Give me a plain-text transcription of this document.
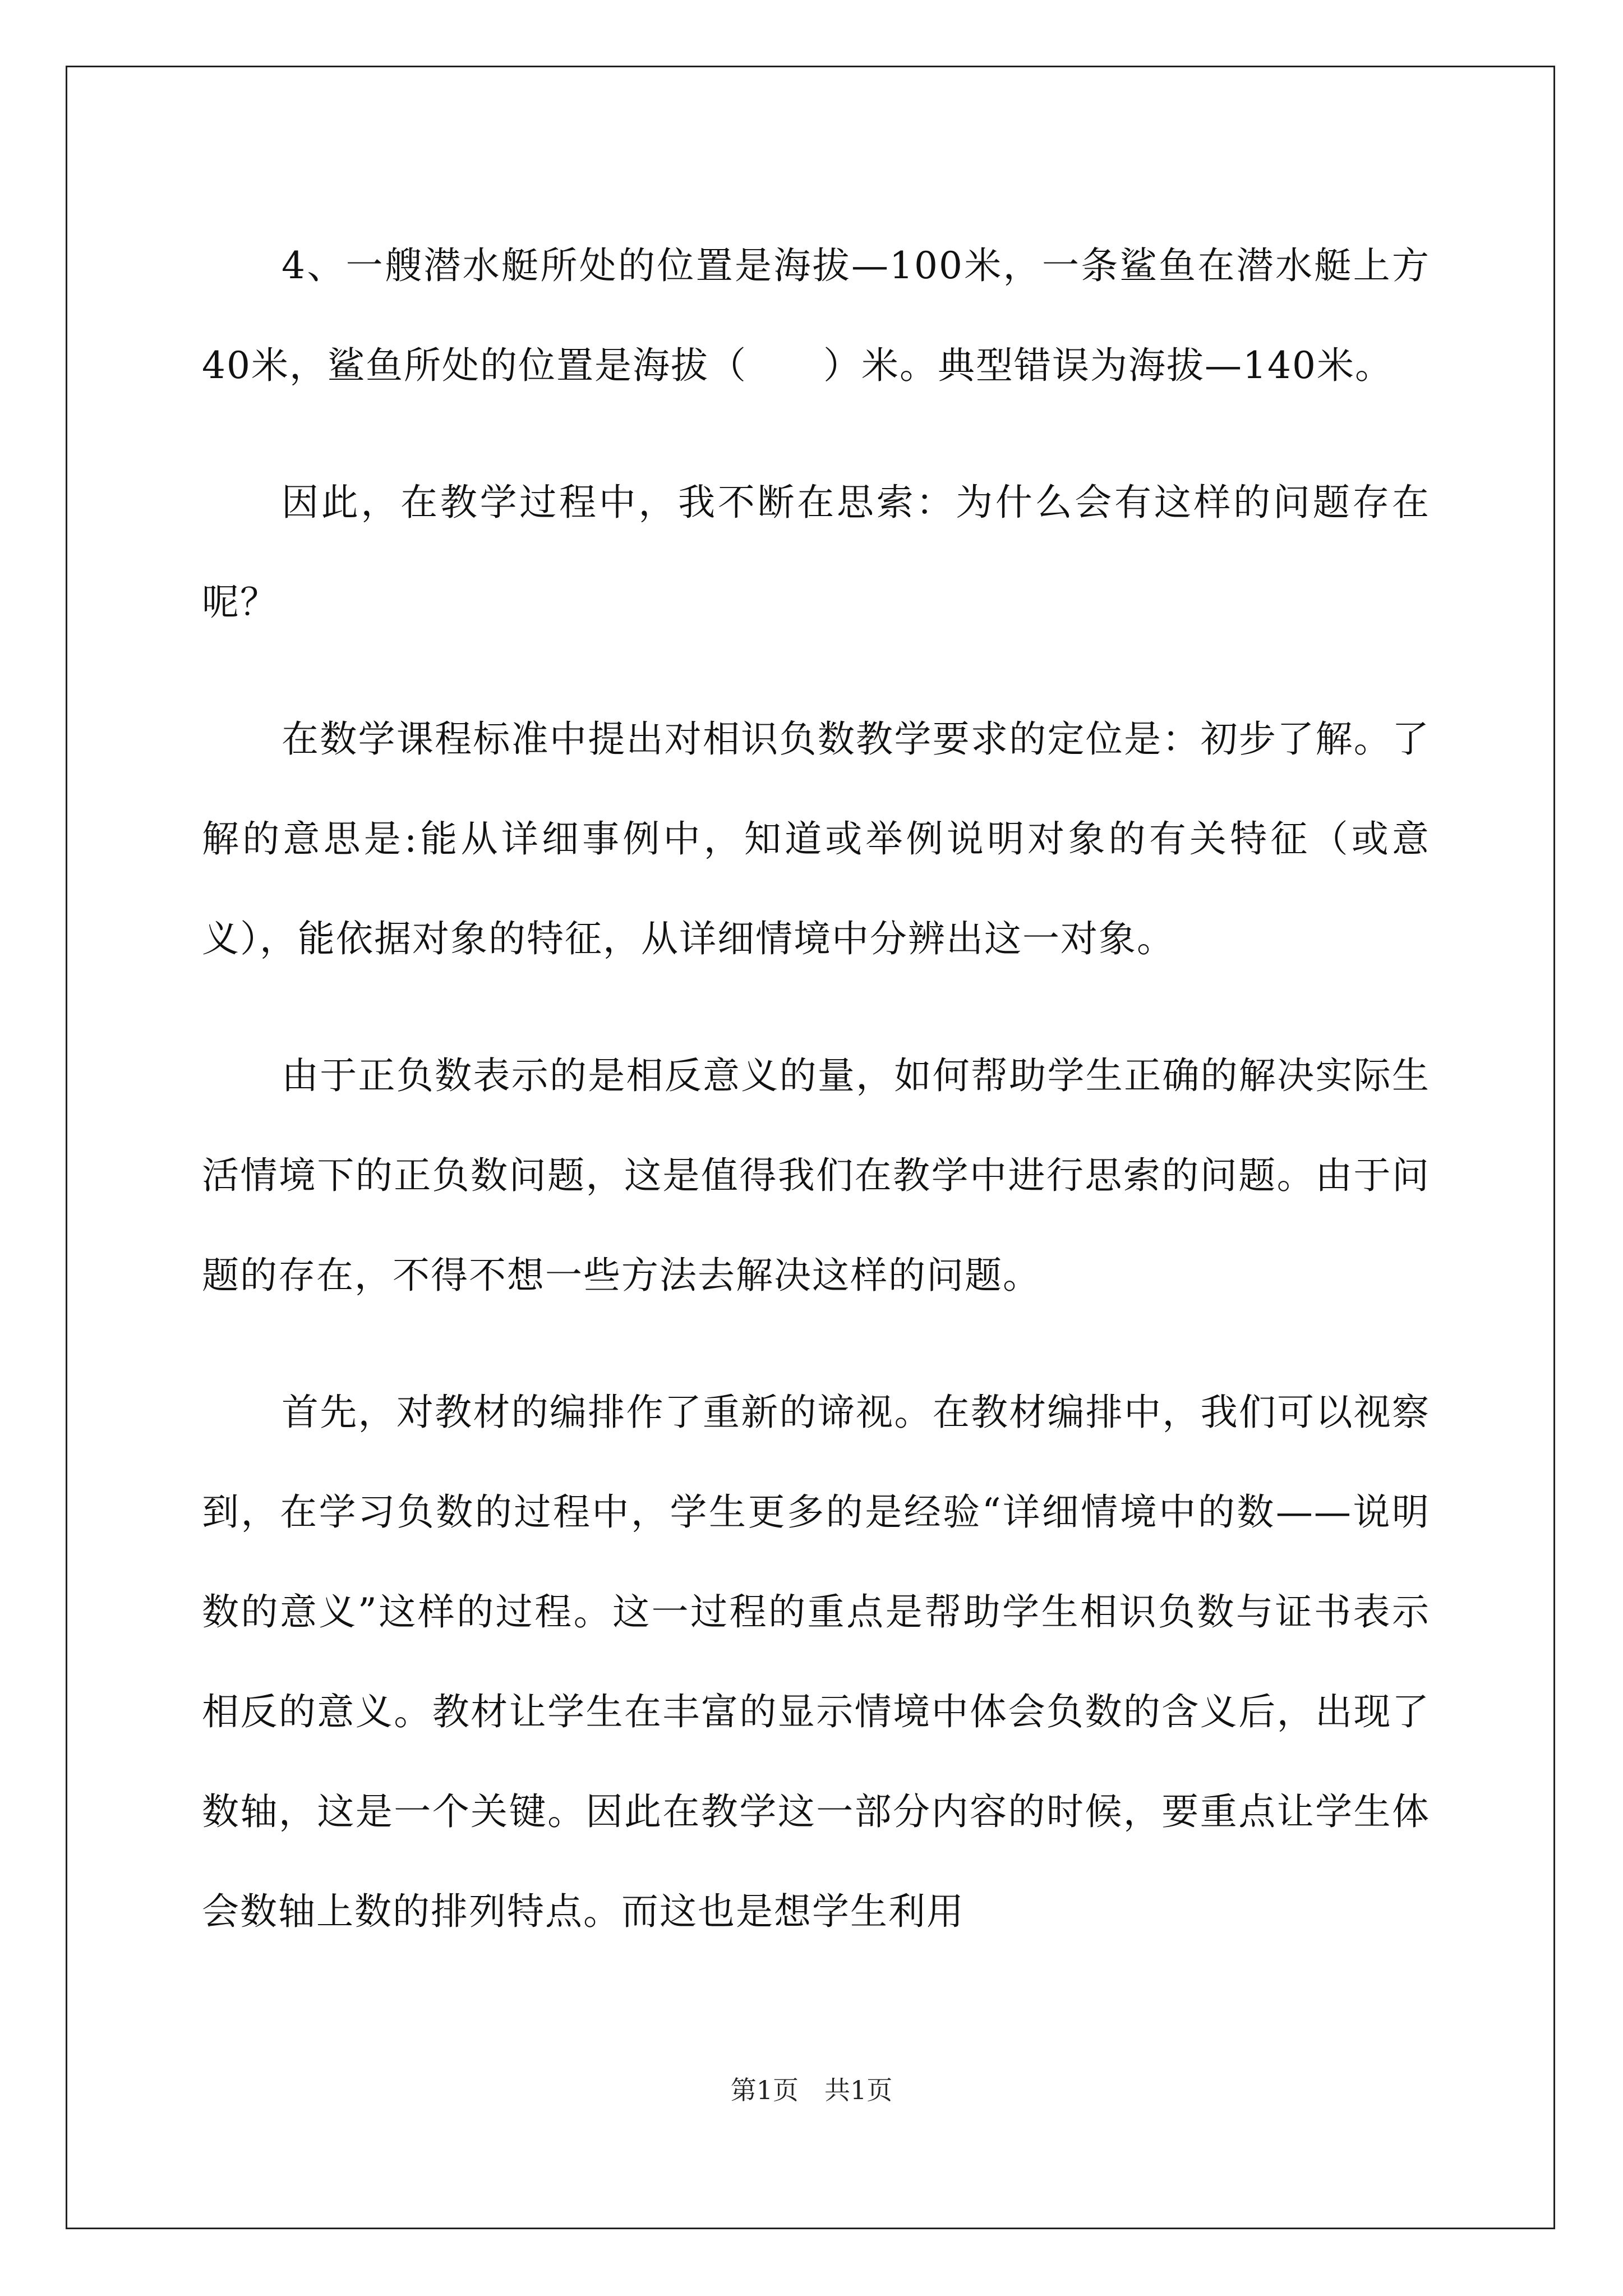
4、一艘潜水艇所处的位置是海拔—100米，一条鲨鱼在潜水艇上方40米，鲨鱼所处的位置是海拔（　　）米。典型错误为海拔—140米。

因此，在教学过程中，我不断在思索：为什么会有这样的问题存在呢？

在数学课程标准中提出对相识负数教学要求的定位是：初步了解。了解的意思是:能从详细事例中，知道或举例说明对象的有关特征（或意义），能依据对象的特征，从详细情境中分辨出这一对象。

由于正负数表示的是相反意义的量，如何帮助学生正确的解决实际生活情境下的正负数问题，这是值得我们在教学中进行思索的问题。由于问题的存在，不得不想一些方法去解决这样的问题。

首先，对教材的编排作了重新的谛视。在教材编排中，我们可以视察到，在学习负数的过程中，学生更多的是经验“详细情境中的数——说明数的意义”这样的过程。这一过程的重点是帮助学生相识负数与证书表示相反的意义。教材让学生在丰富的显示情境中体会负数的含义后，出现了数轴，这是一个关键。因此在教学这一部分内容的时候，要重点让学生体会数轴上数的排列特点。而这也是想学生利用

第1页　共1页
